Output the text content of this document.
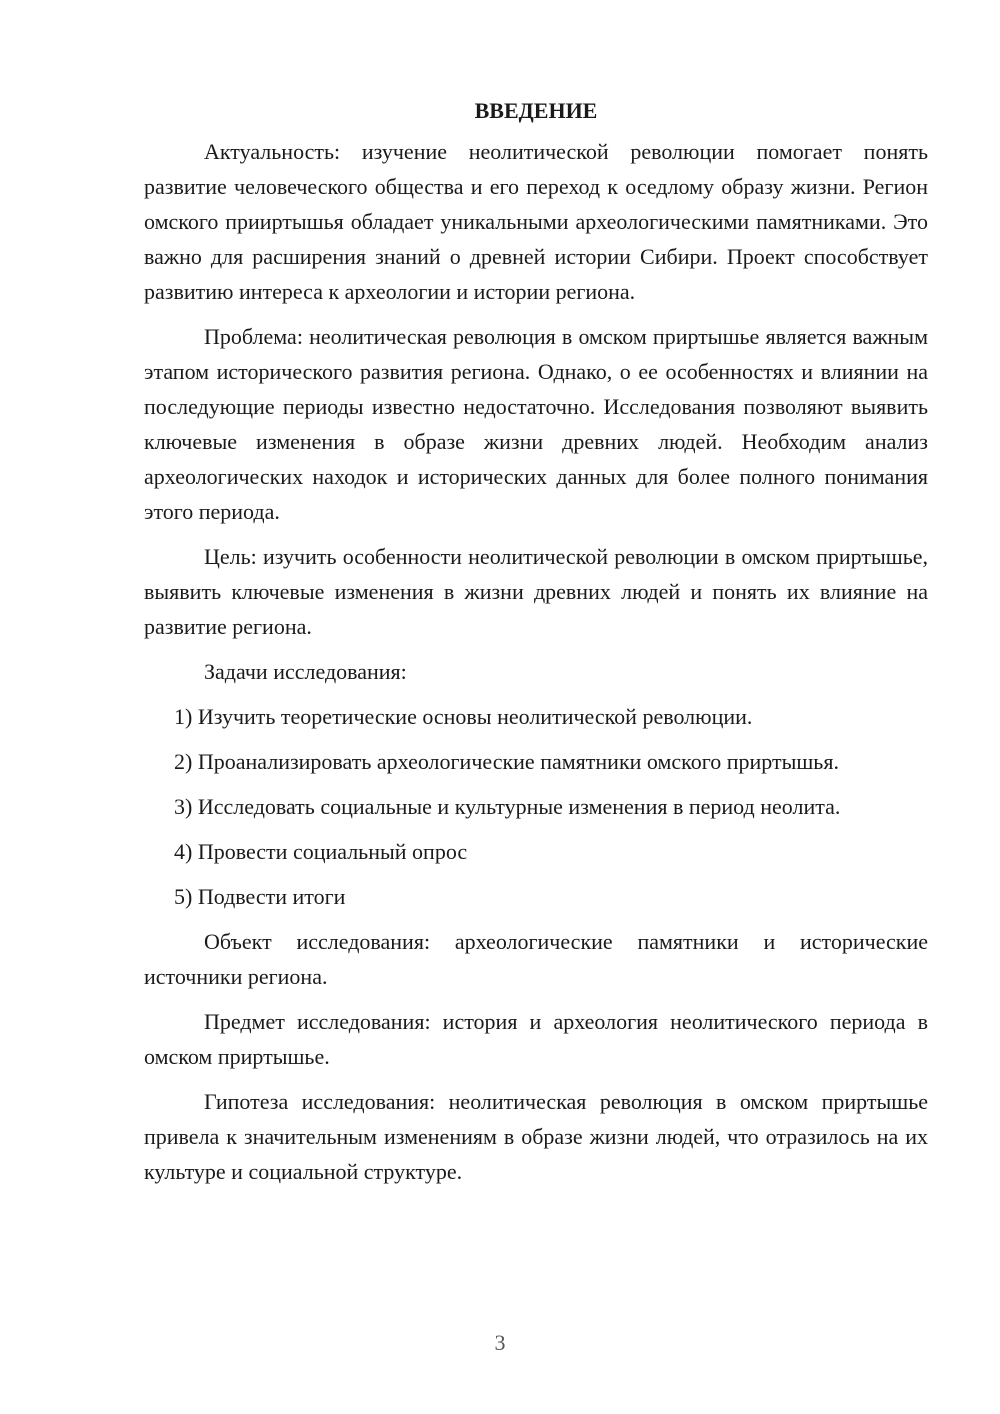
ВВЕДЕНИЕ

Актуальность: изучение неолитической революции помогает понять развитие человеческого общества и его переход к оседлому образу жизни. Регион омского прииртышья обладает уникальными археологическими памятниками. Это важно для расширения знаний о древней истории Сибири. Проект способствует развитию интереса к археологии и истории региона.

Проблема: неолитическая революция в омском приртышье является важным этапом исторического развития региона. Однако, о ее особенностях и влиянии на последующие периоды известно недостаточно. Исследования позволяют выявить ключевые изменения в образе жизни древних людей. Необходим анализ археологических находок и исторических данных для более полного понимания этого периода.

Цель: изучить особенности неолитической революции в омском приртышье, выявить ключевые изменения в жизни древних людей и понять их влияние на развитие региона.

Задачи исследования:

1) Изучить теоретические основы неолитической революции.

2) Проанализировать археологические памятники омского приртышья.

3) Исследовать социальные и культурные изменения в период неолита.

4) Провести социальный опрос

5) Подвести итоги

Объект исследования: археологические памятники и исторические источники региона.

Предмет исследования: история и археология неолитического периода в омском приртышье.

Гипотеза исследования: неолитическая революция в омском приртышье привела к значительным изменениям в образе жизни людей, что отразилось на их культуре и социальной структуре.

3
